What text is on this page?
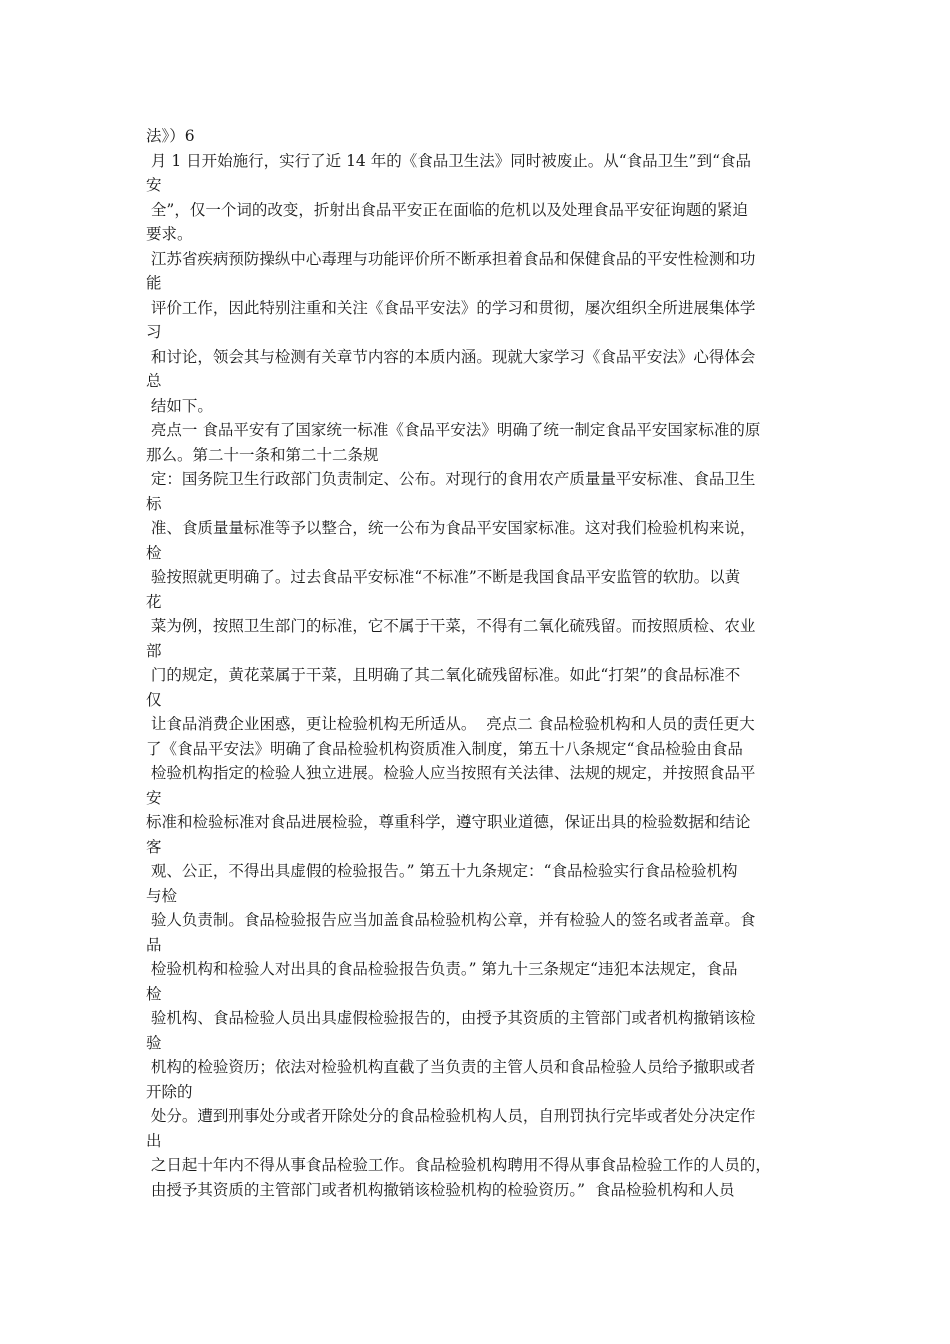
法》）6
月 1 日开始施行，实行了近 14 年的《食品卫生法》同时被废止。从“食品卫生”到“食品
安
全”，仅一个词的改变，折射出食品平安正在面临的危机以及处理食品平安征询题的紧迫
要求。
江苏省疾病预防操纵中心毒理与功能评价所不断承担着食品和保健食品的平安性检测和功
能
评价工作，因此特别注重和关注《食品平安法》的学习和贯彻，屡次组织全所进展集体学
习
和讨论，领会其与检测有关章节内容的本质内涵。现就大家学习《食品平安法》心得体会
总
结如下。
亮点一 食品平安有了国家统一标准《食品平安法》明确了统一制定食品平安国家标准的原
那么。第二十一条和第二十二条规
定：国务院卫生行政部门负责制定、公布。对现行的食用农产质量量平安标准、食品卫生
标
准、食质量量标准等予以整合，统一公布为食品平安国家标准。这对我们检验机构来说，
检
验按照就更明确了。过去食品平安标准“不标准”不断是我国食品平安监管的软肋。以黄
花
菜为例，按照卫生部门的标准，它不属于干菜，不得有二氧化硫残留。而按照质检、农业
部
门的规定，黄花菜属于干菜，且明确了其二氧化硫残留标准。如此“打架”的食品标准不
仅
让食品消费企业困惑，更让检验机构无所适从。  亮点二 食品检验机构和人员的责任更大
了《食品平安法》明确了食品检验机构资质准入制度，第五十八条规定“食品检验由食品
检验机构指定的检验人独立进展。检验人应当按照有关法律、法规的规定，并按照食品平
安
标准和检验标准对食品进展检验，尊重科学，遵守职业道德，保证出具的检验数据和结论
客
观、公正，不得出具虚假的检验报告。” 第五十九条规定：“食品检验实行食品检验机构
与检
验人负责制。食品检验报告应当加盖食品检验机构公章，并有检验人的签名或者盖章。食
品
检验机构和检验人对出具的食品检验报告负责。” 第九十三条规定“违犯本法规定，食品
检
验机构、食品检验人员出具虚假检验报告的，由授予其资质的主管部门或者机构撤销该检
验
机构的检验资历；依法对检验机构直截了当负责的主管人员和食品检验人员给予撤职或者
开除的
处分。遭到刑事处分或者开除处分的食品检验机构人员，自刑罚执行完毕或者处分决定作
出
之日起十年内不得从事食品检验工作。食品检验机构聘用不得从事食品检验工作的人员的，
由授予其资质的主管部门或者机构撤销该检验机构的检验资历。”  食品检验机构和人员
